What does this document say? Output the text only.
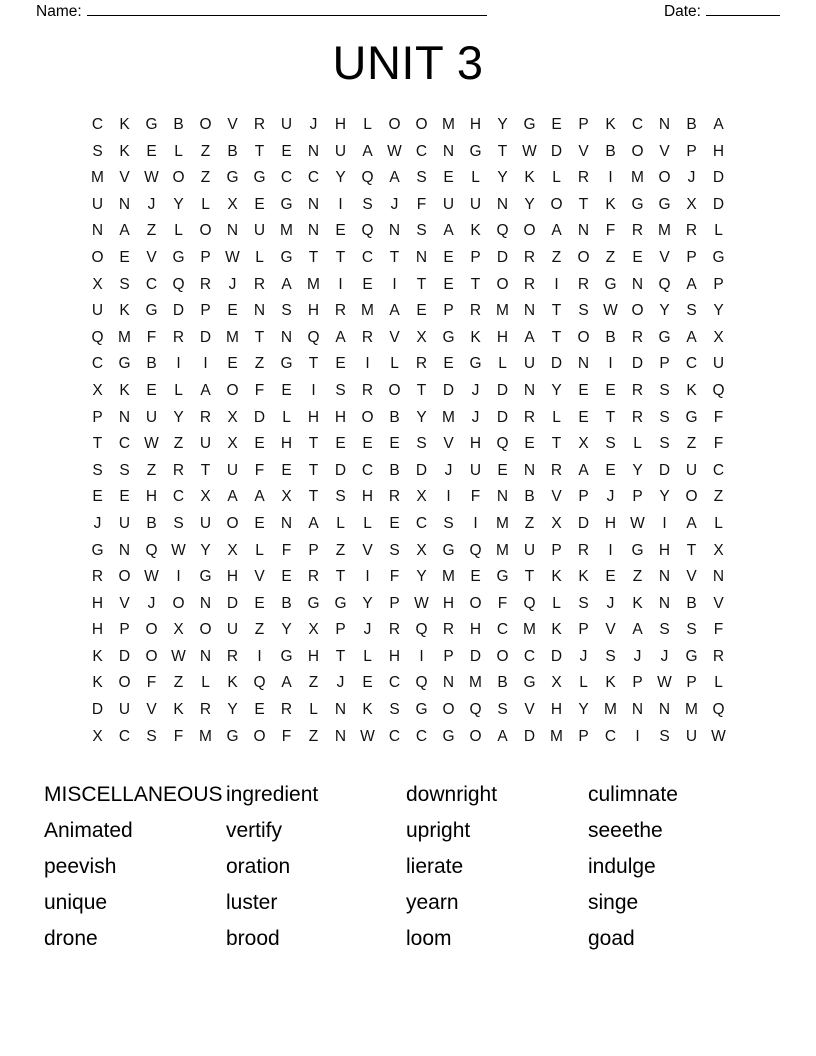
Name:	Date:
UNIT 3
C	K	G	B	O	V	R	U	J	H	L	O O M H	Y	G	E	P	K	C	N	B	A
S	K	E	L	Z	B	T	E	N	U	A W C	N G	T W D	V	B	O	V	P	H
M V W O	Z	G G C	C	Y	Q	A	S	E	L	Y	K	L	R	I	M O	J	D
U	N	J	Y	L	X	E	G N	I	S	J	F	U	U	N	Y	O	T	K	G G	X	D
N	A	Z	L	O N	U M N	E	Q N	S	A	K	Q O	A	N	F	R M R	L
O	E	V	G	P W L	G	T	T	C	T	N	E	P	D	R	Z	O	Z	E	V	P	G
X	S	C Q R	J	R	A M	I	E	I	T	E	T	O R	I	R G N Q	A	P
U	K	G D	P	E	N	S	H	R M A	E	P	R M N	T	S W O	Y	S	Y
Q M	F	R	D M	T	N Q	A	R	V	X	G	K	H	A	T	O	B	R G	A	X
C G	B	I	I	E	Z	G	T	E	I	L	R	E	G	L	U	D	N	I	D	P	C	U
X	K	E	L	A	O	F	E	I	S	R O	T	D	J	D	N	Y	E	E	R	S	K	Q
P	N	U	Y	R	X	D	L	H	H O	B	Y M	J	D	R	L	E	T	R	S	G	F
T	C W Z	U	X	E	H	T	E	E	E	S	V	H Q	E	T	X	S	L	S	Z	F
S	S	Z	R	T	U	F	E	T	D	C	B	D	J	U	E	N	R	A	E	Y	D	U	C
E	E	H	C	X	A	A	X	T	S	H	R	X	I	F	N	B	V	P	J	P	Y	O	Z
J	U	B	S	U O	E	N	A	L	L	E	C	S	I	M	Z	X	D	H W	I	A	L
G N Q W Y	X	L	F	P	Z	V	S	X	G Q M U	P	R	I	G H	T	X
R O W	I	G H	V	E	R	T	I	F	Y M E	G	T	K	K	E	Z	N	V	N
H	V	J	O N	D	E	B	G G	Y	P W H O	F	Q	L	S	J	K	N	B	V
H	P	O	X	O U	Z	Y	X	P	J	R Q R	H	C M K	P	V	A	S	S	F
K	D O W N	R	I	G H	T	L	H	I	P	D O C	D	J	S	J	J	G R
K	O	F	Z	L	K	Q	A	Z	J	E	C Q N M B	G	X	L	K	P W P	L
D	U	V	K	R	Y	E	R	L	N	K	S	G O Q	S	V	H	Y M N	N M Q
X	C	S	F	M G O	F	Z	N W C	C G O	A	D M P	C	I	S	U W
MISCELLANEOUS ingredient	downright	culimnate
Animated	vertify	upright	seeethe
peevish	oration	lierate	indulge
unique	luster	yearn	singe
drone	brood	loom	goad
